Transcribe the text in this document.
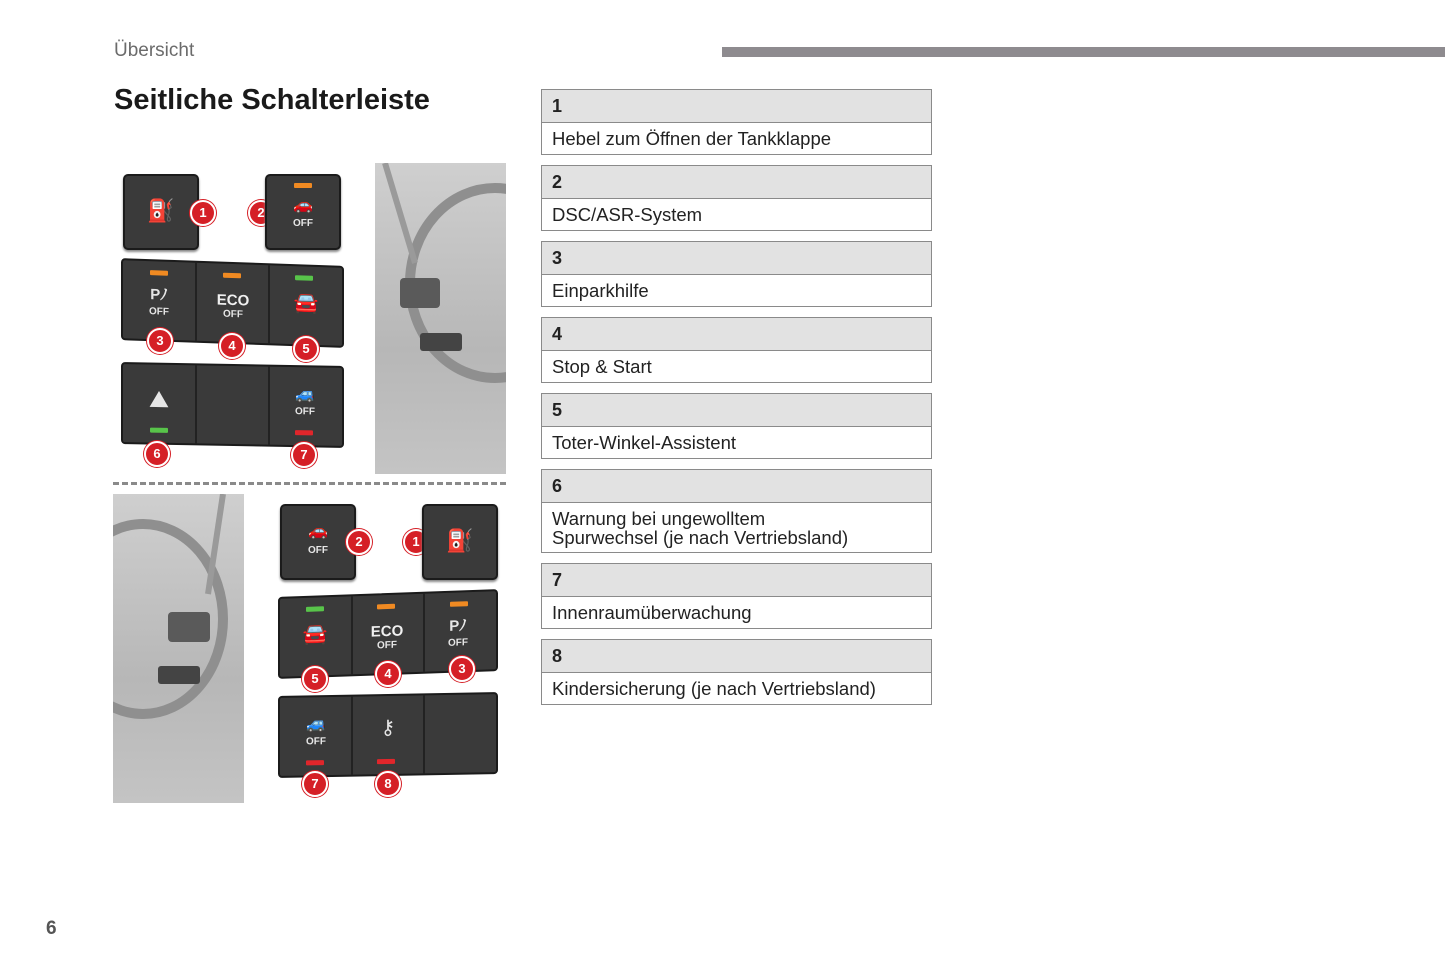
Übersicht
Seitliche Schalterleiste
⛽	1	2	🚗
OFF
Pﾉ
OFF
ECO
OFF	🚘
3	4	5
⛰	🚙
OFF
6	7
🚗
OFF
2	1	⛽
🚘	ECO
OFF
Pﾉ
OFF
5	4	3
🚙
OFF
⚷
7	8
1
Hebel zum Öffnen der Tankklappe
2
DSC/ASR-System
3
Einparkhilfe
4
Stop & Start
5
Toter-Winkel-Assistent
6
Warnung bei ungewolltem Spurwechsel (je nach Vertriebsland)
7
Innenraumüberwachung
8
Kindersicherung (je nach Vertriebsland)
6
